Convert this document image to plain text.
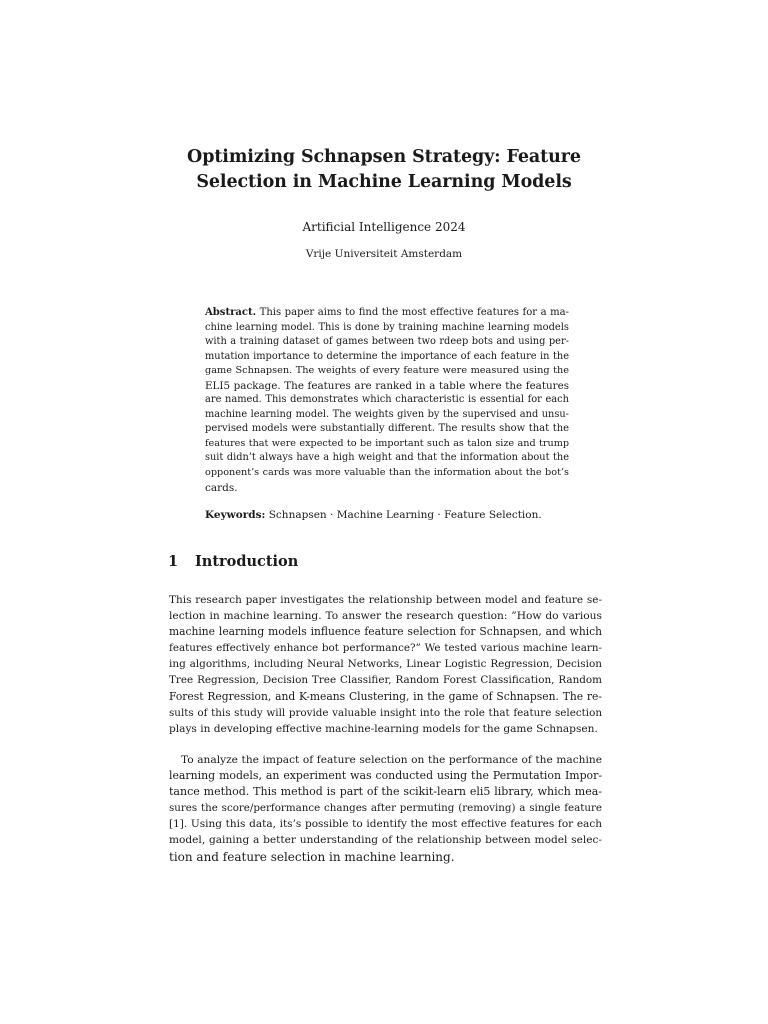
Optimizing Schnapsen Strategy: Feature
Selection in Machine Learning Models

Artificial Intelligence 2024

Vrije Universiteit Amsterdam

Abstract. This paper aims to find the most effective features for a ma-
chine learning model. This is done by training machine learning models
with a training dataset of games between two rdeep bots and using per-
mutation importance to determine the importance of each feature in the
game Schnapsen. The weights of every feature were measured using the
ELI5 package. The features are ranked in a table where the features
are named. This demonstrates which characteristic is essential for each
machine learning model. The weights given by the supervised and unsu-
pervised models were substantially different. The results show that the
features that were expected to be important such as talon size and trump
suit didn’t always have a high weight and that the information about the
opponent’s cards was more valuable than the information about the bot’s
cards.

Keywords: Schnapsen · Machine Learning · Feature Selection.

1 Introduction
This research paper investigates the relationship between model and feature se-
lection in machine learning. To answer the research question: ”How do various
machine learning models influence feature selection for Schnapsen, and which
features effectively enhance bot performance?” We tested various machine learn-
ing algorithms, including Neural Networks, Linear Logistic Regression, Decision
Tree Regression, Decision Tree Classifier, Random Forest Classification, Random
Forest Regression, and K-means Clustering, in the game of Schnapsen. The re-
sults of this study will provide valuable insight into the role that feature selection
plays in developing effective machine-learning models for the game Schnapsen.
To analyze the impact of feature selection on the performance of the machine
learning models, an experiment was conducted using the Permutation Impor-
tance method. This method is part of the scikit-learn eli5 library, which mea-
sures the score/performance changes after permuting (removing) a single feature
[1]. Using this data, its’s possible to identify the most effective features for each
model, gaining a better understanding of the relationship between model selec-
tion and feature selection in machine learning.
